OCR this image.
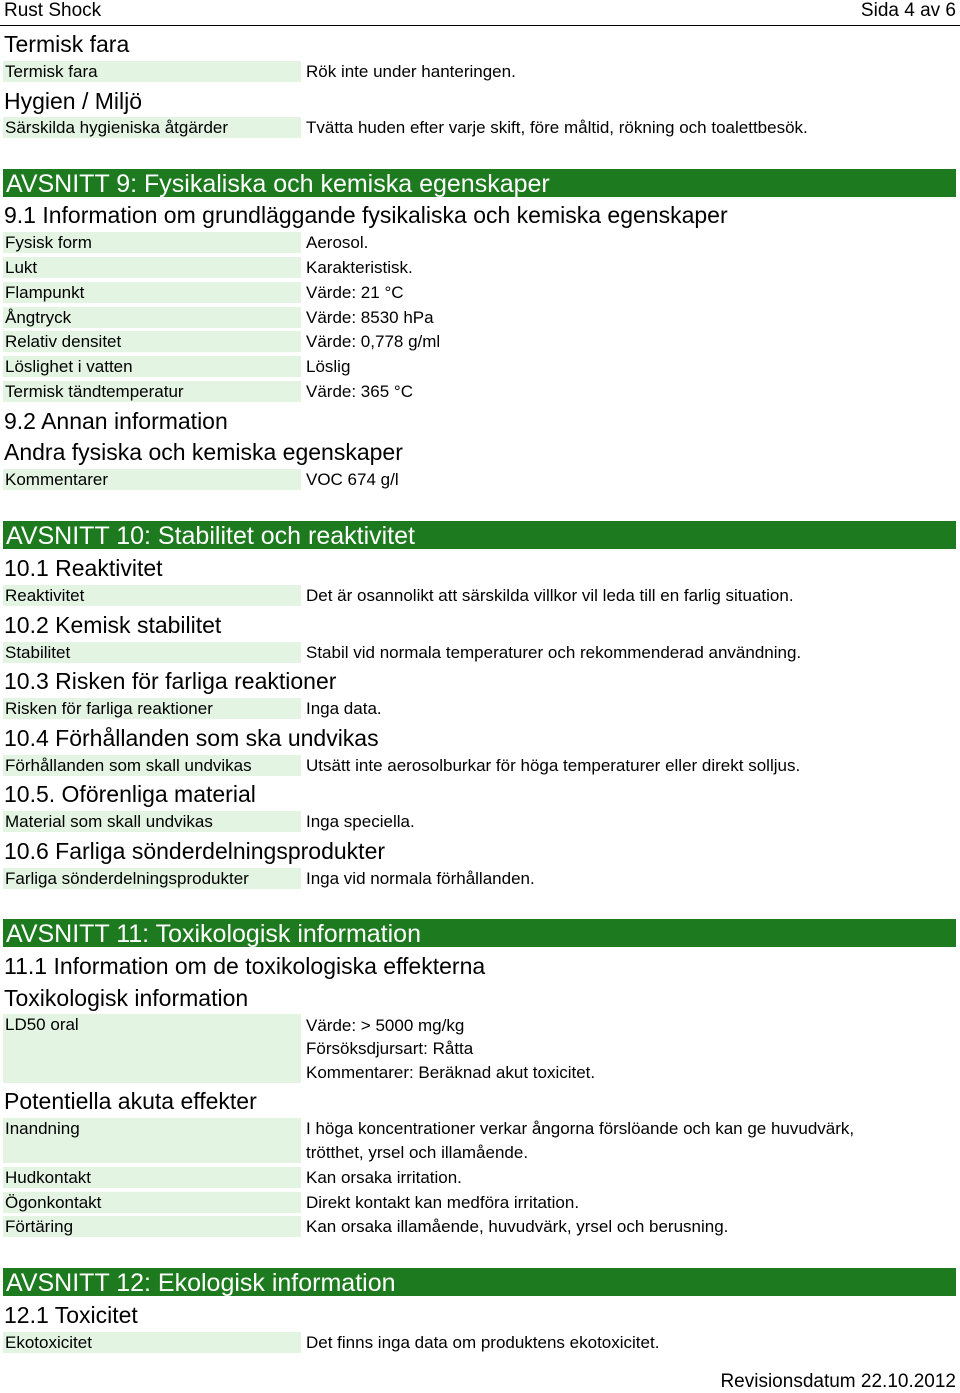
Rust Shock	Sida 4 av 6
Termisk fara
Termisk fara	Rök inte under hanteringen.
Hygien / Miljö
Särskilda hygieniska åtgärder	Tvätta huden efter varje skift, före måltid, rökning och toalettbesök.
AVSNITT 9: Fysikaliska och kemiska egenskaper
9.1 Information om grundläggande fysikaliska och kemiska egenskaper
Fysisk form	Aerosol.
Lukt	Karakteristisk.
Flampunkt	Värde: 21 °C
Ångtryck	Värde: 8530 hPa
Relativ densitet	Värde: 0,778 g/ml
Löslighet i vatten	Löslig
Termisk tändtemperatur	Värde: 365 °C
9.2 Annan information
Andra fysiska och kemiska egenskaper
Kommentarer	VOC 674 g/l
AVSNITT 10: Stabilitet och reaktivitet
10.1 Reaktivitet
Reaktivitet	Det är osannolikt att särskilda villkor vil leda till en farlig situation.
10.2 Kemisk stabilitet
Stabilitet	Stabil vid normala temperaturer och rekommenderad användning.
10.3 Risken för farliga reaktioner
Risken för farliga reaktioner	Inga data.
10.4 Förhållanden som ska undvikas
Förhållanden som skall undvikas	Utsätt inte aerosolburkar för höga temperaturer eller direkt solljus.
10.5. Oförenliga material
Material som skall undvikas	Inga speciella.
10.6 Farliga sönderdelningsprodukter
Farliga sönderdelningsprodukter	Inga vid normala förhållanden.
AVSNITT 11: Toxikologisk information
11.1 Information om de toxikologiska effekterna
Toxikologisk information
LD50 oral	Värde: > 5000 mg/kg
Försöksdjursart: Råtta
Kommentarer: Beräknad akut toxicitet.
Potentiella akuta effekter
Inandning	I höga koncentrationer verkar ångorna förslöande och kan ge huvudvärk,
trötthet, yrsel och illamående.
Hudkontakt	Kan orsaka irritation.
Ögonkontakt	Direkt kontakt kan medföra irritation.
Förtäring	Kan orsaka illamående, huvudvärk, yrsel och berusning.
AVSNITT 12: Ekologisk information
12.1 Toxicitet
Ekotoxicitet	Det finns inga data om produktens ekotoxicitet.
Revisionsdatum 22.10.2012
